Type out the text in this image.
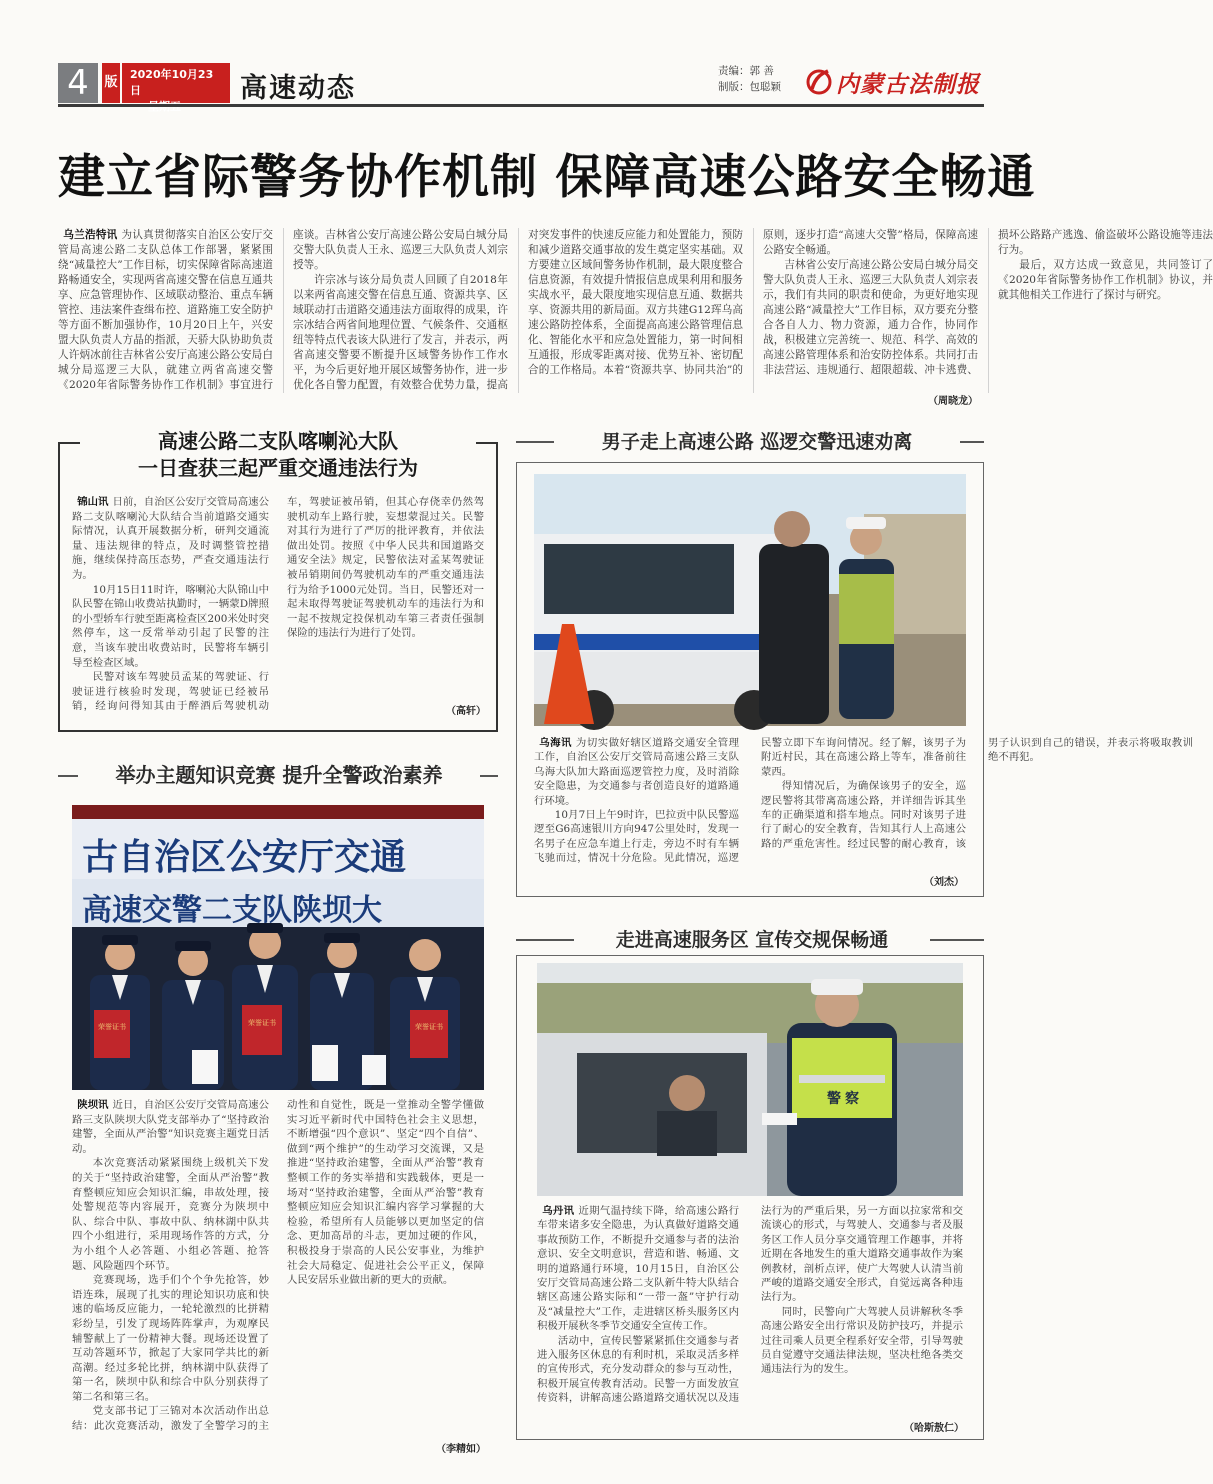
4	版
2020年10月23日	高速动态
责编：郭 善
制版：包聪颖 内蒙古法制报
建立省际警务协作机制 保障高速公路安全畅通

乌兰浩特讯 为认真贯彻落实自治区公安厅交管局高速公路二支队总体工作部署，紧紧围绕“减量控大”工作目标，切实保障省际高速道路畅通安全，实现两省高速交警在信息互通共享、应急管理协作、区域联动整治、重点车辆管控、违法案件查缉布控、道路施工安全防护等方面不断加强协作，10月20日上午，兴安盟大队负责人方晶的指派，天骄大队协助负责人许炳冰前往吉林省公安厅高速公路公安局白城分局巡逻三大队，就建立两省高速交警《2020年省际警务协作工作机制》事宜进行座谈。吉林省公安厅高速公路公安局白城分局交警大队负责人王永、巡逻三大队负责人刘宗授等。

许宗冰与该分局负责人回顾了自2018年以来两省高速交警在信息互通、资源共享、区域联动打击道路交通违法方面取得的成果，许宗冰结合两省间地理位置、气候条件、交通枢纽等特点代表该大队进行了发言，并表示，两省高速交警要不断提升区域警务协作工作水平，为今后更好地开展区域警务协作，进一步优化各自警力配置，有效整合优势力量，提高对突发事件的快速反应能力和处置能力，预防和减少道路交通事故的发生奠定坚实基础。双方要建立区域间警务协作机制，最大限度整合信息资源，有效提升情报信息成果利用和服务实战水平，最大限度地实现信息互通、数据共享、资源共用的新局面。双方共建G12珲乌高速公路防控体系，全面提高高速公路管理信息化、智能化水平和应急处置能力，第一时间相互通报，形成零距离对接、优势互补、密切配合的工作格局。本着“资源共享、协同共治”的原则，逐步打造“高速大交警”格局，保障高速公路安全畅通。

吉林省公安厅高速公路公安局白城分局交警大队负责人王永、巡逻三大队负责人刘宗表示，我们有共同的职责和使命，为更好地实现高速公路“减量控大”工作目标，双方要充分整合各自人力、物力资源，通力合作，协同作战，积极建立完善统一、规范、科学、高效的高速公路管理体系和治安防控体系。共同打击非法营运、违规通行、超限超载、冲卡逃费、损坏公路路产逃逸、偷盗破坏公路设施等违法行为。

最后，双方达成一致意见，共同签订了《2020年省际警务协作工作机制》协议，并就其他相关工作进行了探讨与研究。

（周晓龙）
高速公路二支队喀喇沁大队
一日查获三起严重交通违法行为

锦山讯 日前，自治区公安厅交管局高速公路二支队喀喇沁大队结合当前道路交通实际情况，认真开展数据分析，研判交通流量、违法规律的特点，及时调整管控措施，继续保持高压态势，严查交通违法行为。

10月15日11时许，喀喇沁大队锦山中队民警在锦山收费站执勤时，一辆蒙D牌照的小型轿车行驶至距离检查区200米处时突然停车，这一反常举动引起了民警的注意，当该车驶出收费站时，民警将车辆引导至检查区域。

民警对该车驾驶员孟某的驾驶证、行驶证进行核验时发现，驾驶证已经被吊销，经询问得知其由于醉酒后驾驶机动车，驾驶证被吊销，但其心存侥幸仍然驾驶机动车上路行驶，妄想蒙混过关。民警对其行为进行了严厉的批评教育，并依法做出处罚。按照《中华人民共和国道路交通安全法》规定，民警依法对孟某驾驶证被吊销期间仍驾驶机动车的严重交通违法行为给予1000元处罚。当日，民警还对一起未取得驾驶证驾驶机动车的违法行为和一起不按规定投保机动车第三者责任强制保险的违法行为进行了处罚。

（高轩）
举办主题知识竞赛 提升全警政治素养
荣誉证书	荣誉证书	荣誉证书
古自治区公安厅交通
高速交警二支队陕坝大

陕坝讯 近日，自治区公安厅交管局高速公路三支队陕坝大队党支部举办了“坚持政治建警，全面从严治警”知识竞赛主题党日活动。

本次竞赛活动紧紧围绕上级机关下发的关于“坚持政治建警，全面从严治警”教育整顿应知应会知识汇编，串故处理，接处警规范等内容展开，竞赛分为陕坝中队、综合中队、事故中队、纳林湖中队共四个小组进行，采用现场作答的方式，分为小组个人必答题、小组必答题、抢答题、风险题四个环节。

竞赛现场，选手们个个争先抢答，妙语连珠，展现了扎实的理论知识功底和快速的临场反应能力，一轮轮激烈的比拼精彩纷呈，引发了现场阵阵掌声，为观摩民辅警献上了一份精神大餐。现场还设置了互动答题环节，掀起了大家同学共比的新高潮。经过多轮比拼，纳林湖中队获得了第一名，陕坝中队和综合中队分别获得了第二名和第三名。

党支部书记丁三锦对本次活动作出总结：此次竞赛活动，激发了全警学习的主动性和自觉性，既是一堂推动全警学懂做实习近平新时代中国特色社会主义思想，不断增强“四个意识”、坚定“四个自信”、做到“两个维护”的生动学习交流课，又是推进“坚持政治建警，全面从严治警”教育整顿工作的务实举措和实践载体，更是一场对“坚持政治建警，全面从严治警”教育整顿应知应会知识汇编内容学习掌握的大检验，希望所有人员能够以更加坚定的信念、更加高昂的斗志，更加过硬的作风，积极投身于崇高的人民公安事业，为维护社会大局稳定、促进社会公平正义，保障人民安居乐业做出新的更大的贡献。

（李精如）
男子走上高速公路 巡逻交警迅速劝离

乌海讯 为切实做好辖区道路交通安全管理工作，自治区公安厅交管局高速公路三支队乌海大队加大路面巡逻管控力度，及时消除安全隐患，为交通参与者创造良好的道路通行环境。

10月7日上午9时许，巴拉贡中队民警巡逻至G6高速银川方向947公里处时，发现一名男子在应急车道上行走，旁边不时有车辆飞驰而过，情况十分危险。见此情况，巡逻民警立即下车询问情况。经了解，该男子为附近村民，其在高速公路上等车，准备前往蒙西。

得知情况后，为确保该男子的安全，巡逻民警将其带离高速公路，并详细告诉其坐车的正确渠道和搭车地点。同时对该男子进行了耐心的安全教育，告知其行人上高速公路的严重危害性。经过民警的耐心教育，该男子认识到自己的错误，并表示将吸取教训绝不再犯。

（刘杰）
走进高速服务区 宣传交规保畅通
警察

乌丹讯 近期气温持续下降，给高速公路行车带来诸多安全隐患，为认真做好道路交通事故预防工作，不断提升交通参与者的法治意识、安全文明意识，营造和谐、畅通、文明的道路通行环境，10月15日，自治区公安厅交管局高速公路二支队新牛特大队结合辖区高速公路实际和“一带一盔”守护行动及“减量控大”工作，走进辖区桥头服务区内积极开展秋冬季节交通安全宣传工作。

活动中，宣传民警紧紧抓住交通参与者进入服务区休息的有利时机，采取灵活多样的宣传形式，充分发动群众的参与互动性，积极开展宣传教育活动。民警一方面发放宣传资料，讲解高速公路道路交通状况以及违法行为的严重后果，另一方面以拉家常和交流谈心的形式，与驾驶人、交通参与者及服务区工作人员分享交通管理工作趣事，并将近期在各地发生的重大道路交通事故作为案例教材，剖析点评，使广大驾驶人认清当前严峻的道路交通安全形式，自觉远离各种违法行为。

同时，民警向广大驾驶人员讲解秋冬季高速公路安全出行常识及防护技巧，并提示过往司乘人员更全程系好安全带，引导驾驶员自觉遵守交通法律法规，坚决杜绝各类交通违法行为的发生。

（哈斯敖仁）
